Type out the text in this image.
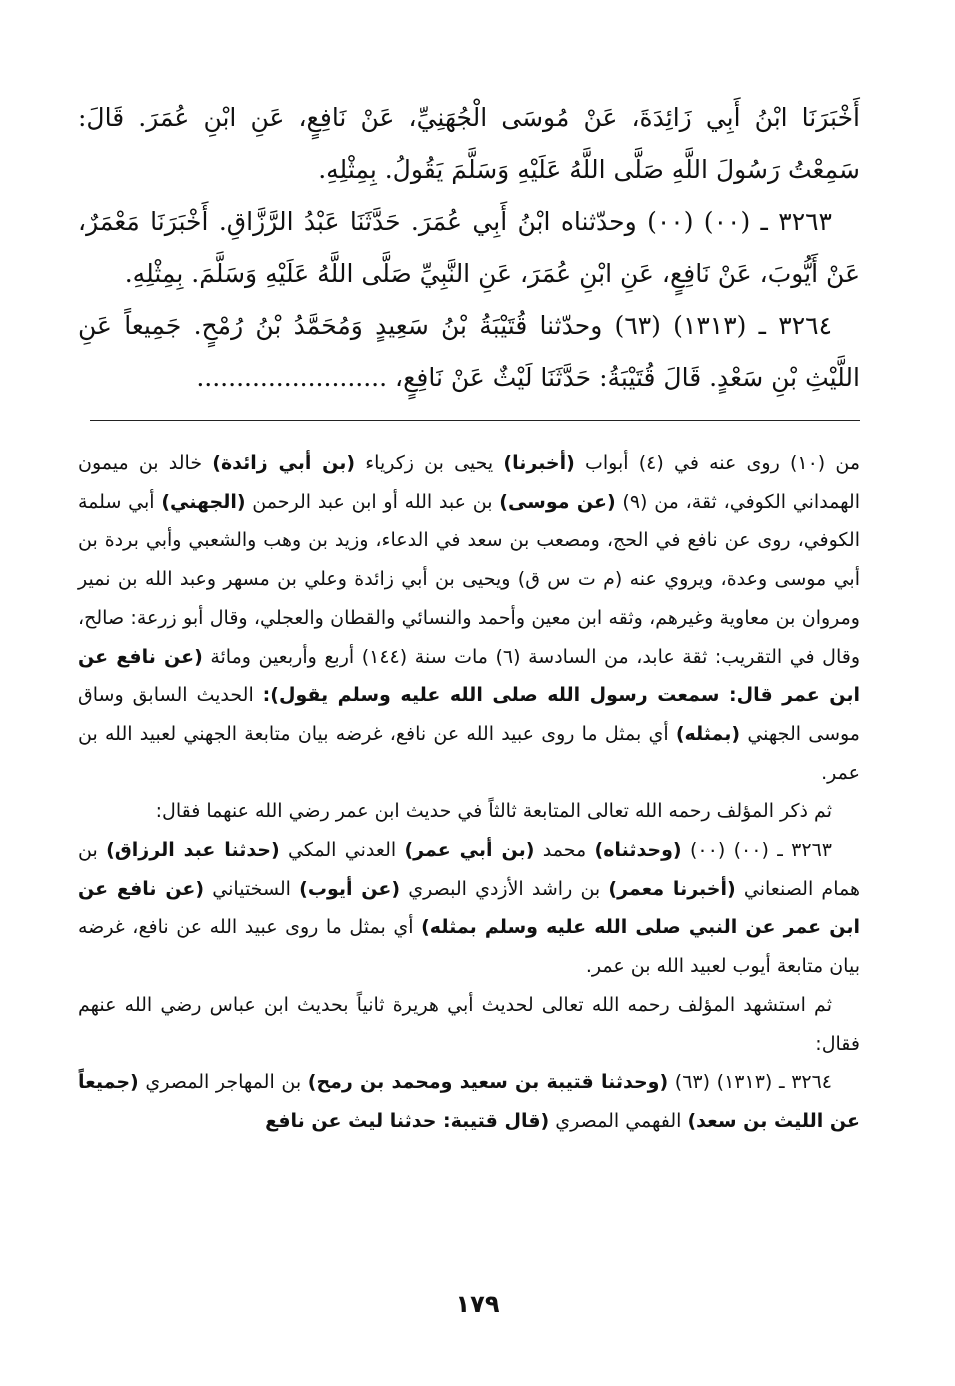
أَخْبَرَنَا ابْنُ أَبِي زَائِدَةَ، عَنْ مُوسَى الْجُهَنِيِّ، عَنْ نَافِعٍ، عَنِ ابْنِ عُمَرَ. قَالَ: سَمِعْتُ رَسُولَ اللَّهِ صَلَّى اللَّهُ عَلَيْهِ وَسَلَّمَ يَقُولُ. بِمِثْلِهِ.

٣٢٦٣ ـ (٠٠) (٠٠) وحدّثناه ابْنُ أَبِي عُمَرَ. حَدَّثَنَا عَبْدُ الرَّزَّاقِ. أَخْبَرَنَا مَعْمَرٌ، عَنْ أَيُّوبَ، عَنْ نَافِعٍ، عَنِ ابْنِ عُمَرَ، عَنِ النَّبِيِّ صَلَّى اللَّهُ عَلَيْهِ وَسَلَّمَ. بِمِثْلِهِ.

٣٢٦٤ ـ (١٣١٣) (٦٣) وحدّثنا قُتَيْبَةُ بْنُ سَعِيدٍ وَمُحَمَّدُ بْنُ رُمْحٍ. جَمِيعاً عَنِ اللَّيْثِ بْنِ سَعْدٍ. قَالَ قُتَيْبَةُ: حَدَّثَنَا لَيْثٌ عَنْ نَافِعٍ، ........................

من (١٠) روى عنه في (٤) أبواب (أخبرنا) يحيى بن زكرياء (بن أبي زائدة) خالد بن ميمون الهمداني الكوفي، ثقة، من (٩) (عن موسى) بن عبد الله أو ابن عبد الرحمن (الجهني) أبي سلمة الكوفي، روى عن نافع في الحج، ومصعب بن سعد في الدعاء، وزيد بن وهب والشعبي وأبي بردة بن أبي موسى وعدة، ويروي عنه (م ت س ق) ويحيى بن أبي زائدة وعلي بن مسهر وعبد الله بن نمير ومروان بن معاوية وغيرهم، وثقه ابن معين وأحمد والنسائي والقطان والعجلي، وقال أبو زرعة: صالح، وقال في التقريب: ثقة عابد، من السادسة (٦) مات سنة (١٤٤) أربع وأربعين ومائة (عن نافع عن ابن عمر قال: سمعت رسول الله صلى الله عليه وسلم يقول): الحديث السابق وساق موسى الجهني (بمثله) أي بمثل ما روى عبيد الله عن نافع، غرضه بيان متابعة الجهني لعبيد الله بن عمر.

ثم ذكر المؤلف رحمه الله تعالى المتابعة ثالثاً في حديث ابن عمر رضي الله عنهما فقال:

٣٢٦٣ ـ (٠٠) (٠٠) (وحدثناه) محمد (بن أبي عمر) العدني المكي (حدثنا عبد الرزاق) بن همام الصنعاني (أخبرنا معمر) بن راشد الأزدي البصري (عن أيوب) السختياني (عن نافع عن ابن عمر عن النبي صلى الله عليه وسلم بمثله) أي بمثل ما روى عبيد الله عن نافع، غرضه بيان متابعة أيوب لعبيد الله بن عمر.

ثم استشهد المؤلف رحمه الله تعالى لحديث أبي هريرة ثانياً بحديث ابن عباس رضي الله عنهم فقال:

٣٢٦٤ ـ (١٣١٣) (٦٣) (وحدثنا قتيبة بن سعيد ومحمد بن رمح) بن المهاجر المصري (جميعاً عن الليث بن سعد) الفهمي المصري (قال قتيبة: حدثنا ليث عن نافع

١٧٩
